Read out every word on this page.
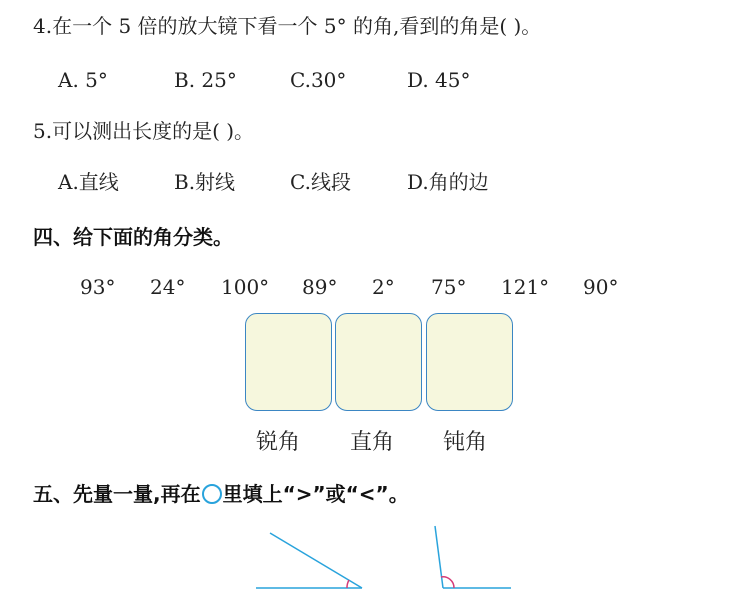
4.在一个 5 倍的放大镜下看一个 5° 的角,看到的角是( )。
A. 5°	B. 25°	C.30°	D. 45°
5.可以测出长度的是( )。
A.直线	B.射线	C.线段	D.角的边
四、给下面的角分类。
93° 24° 100° 89° 2° 75° 121° 90°
锐角 直角 钝角
五、先量一量,再在 里填上“>”或“<”。
